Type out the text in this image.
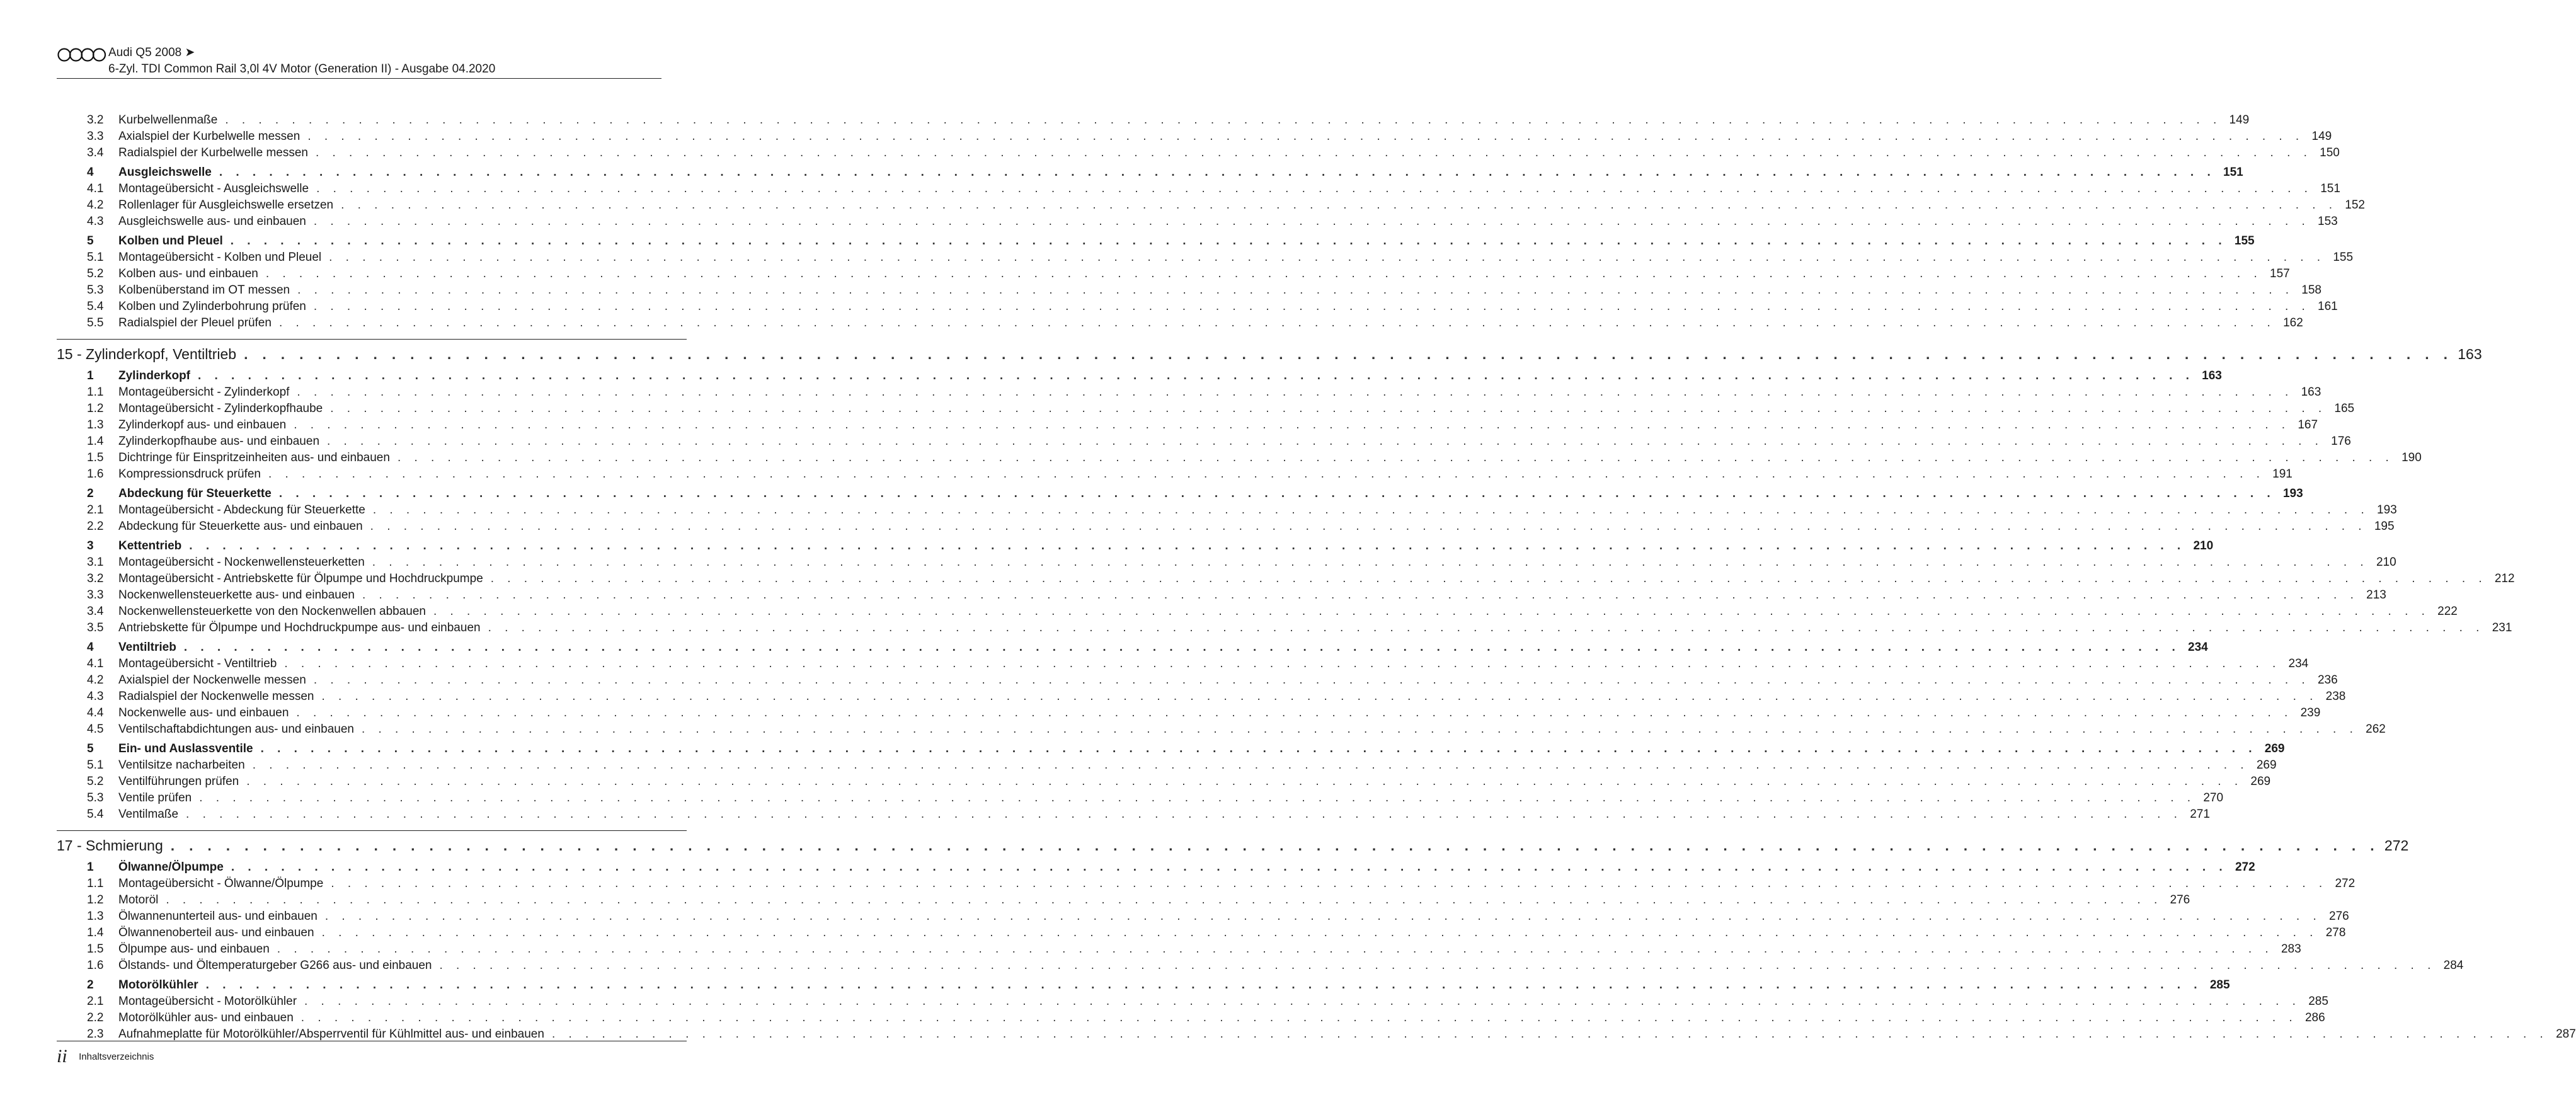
Audi Q5 2008 ➤
6-Zyl. TDI Common Rail 3,0l 4V Motor (Generation II) - Ausgabe 04.2020
3.2	Kurbelwellenmaße . . . . . . . . . . . . . . . . . . . . . . . . . . . . . . . . . . . . . . . . . . . . . . . . . . . . . . . . . . . . . . . . . . . . . . . . . . . . . . . . . . . . . . . . . . . . . . . . . . . . . . . . . . . . . . . . . . . . . . . . 149
3.3	Axialspiel der Kurbelwelle messen . . . . . . . . . . . . . . . . . . . . . . . . . . . . . . . . . . . . . . . . . . . . . . . . . . . . . . . . . . . . . . . . . . . . . . . . . . . . . . . . . . . . . . . . . . . . . . . . . . . . . . . . . . . . . . . . . . . . . . . . 149
3.4	Radialspiel der Kurbelwelle messen . . . . . . . . . . . . . . . . . . . . . . . . . . . . . . . . . . . . . . . . . . . . . . . . . . . . . . . . . . . . . . . . . . . . . . . . . . . . . . . . . . . . . . . . . . . . . . . . . . . . . . . . . . . . . . . . . . . . . . . . 150
4	Ausgleichswelle . . . . . . . . . . . . . . . . . . . . . . . . . . . . . . . . . . . . . . . . . . . . . . . . . . . . . . . . . . . . . . . . . . . . . . . . . . . . . . . . . . . . . . . . . . . . . . . . . . . . . . . . . . . . . . . . . . . . . . . . 151
4.1	Montageübersicht - Ausgleichswelle . . . . . . . . . . . . . . . . . . . . . . . . . . . . . . . . . . . . . . . . . . . . . . . . . . . . . . . . . . . . . . . . . . . . . . . . . . . . . . . . . . . . . . . . . . . . . . . . . . . . . . . . . . . . . . . . . . . . . . . . 151
4.2	Rollenlager für Ausgleichswelle ersetzen . . . . . . . . . . . . . . . . . . . . . . . . . . . . . . . . . . . . . . . . . . . . . . . . . . . . . . . . . . . . . . . . . . . . . . . . . . . . . . . . . . . . . . . . . . . . . . . . . . . . . . . . . . . . . . . . . . . . . . . . 152
4.3	Ausgleichswelle aus- und einbauen . . . . . . . . . . . . . . . . . . . . . . . . . . . . . . . . . . . . . . . . . . . . . . . . . . . . . . . . . . . . . . . . . . . . . . . . . . . . . . . . . . . . . . . . . . . . . . . . . . . . . . . . . . . . . . . . . . . . . . . . 153
5	Kolben und Pleuel . . . . . . . . . . . . . . . . . . . . . . . . . . . . . . . . . . . . . . . . . . . . . . . . . . . . . . . . . . . . . . . . . . . . . . . . . . . . . . . . . . . . . . . . . . . . . . . . . . . . . . . . . . . . . . . . . . . . . . . . 155
5.1	Montageübersicht - Kolben und Pleuel . . . . . . . . . . . . . . . . . . . . . . . . . . . . . . . . . . . . . . . . . . . . . . . . . . . . . . . . . . . . . . . . . . . . . . . . . . . . . . . . . . . . . . . . . . . . . . . . . . . . . . . . . . . . . . . . . . . . . . . . 155
5.2	Kolben aus- und einbauen . . . . . . . . . . . . . . . . . . . . . . . . . . . . . . . . . . . . . . . . . . . . . . . . . . . . . . . . . . . . . . . . . . . . . . . . . . . . . . . . . . . . . . . . . . . . . . . . . . . . . . . . . . . . . . . . . . . . . . . . 157
5.3	Kolbenüberstand im OT messen . . . . . . . . . . . . . . . . . . . . . . . . . . . . . . . . . . . . . . . . . . . . . . . . . . . . . . . . . . . . . . . . . . . . . . . . . . . . . . . . . . . . . . . . . . . . . . . . . . . . . . . . . . . . . . . . . . . . . . . . 158
5.4	Kolben und Zylinderbohrung prüfen . . . . . . . . . . . . . . . . . . . . . . . . . . . . . . . . . . . . . . . . . . . . . . . . . . . . . . . . . . . . . . . . . . . . . . . . . . . . . . . . . . . . . . . . . . . . . . . . . . . . . . . . . . . . . . . . . . . . . . . . 161
5.5	Radialspiel der Pleuel prüfen . . . . . . . . . . . . . . . . . . . . . . . . . . . . . . . . . . . . . . . . . . . . . . . . . . . . . . . . . . . . . . . . . . . . . . . . . . . . . . . . . . . . . . . . . . . . . . . . . . . . . . . . . . . . . . . . . . . . . . . . 162
15 - Zylinderkopf, Ventiltrieb . . . . . . . . . . . . . . . . . . . . . . . . . . . . . . . . . . . . . . . . . . . . . . . . . . . . . . . . . . . . . . . . . . . . . . . . . . . . . . . . . . . . . . . . . . . . . . . . . . . . . . . . . . . . . . . . . . . . . . . . 163
1	Zylinderkopf . . . . . . . . . . . . . . . . . . . . . . . . . . . . . . . . . . . . . . . . . . . . . . . . . . . . . . . . . . . . . . . . . . . . . . . . . . . . . . . . . . . . . . . . . . . . . . . . . . . . . . . . . . . . . . . . . . . . . . . . 163
1.1	Montageübersicht - Zylinderkopf . . . . . . . . . . . . . . . . . . . . . . . . . . . . . . . . . . . . . . . . . . . . . . . . . . . . . . . . . . . . . . . . . . . . . . . . . . . . . . . . . . . . . . . . . . . . . . . . . . . . . . . . . . . . . . . . . . . . . . . . 163
1.2	Montageübersicht - Zylinderkopfhaube . . . . . . . . . . . . . . . . . . . . . . . . . . . . . . . . . . . . . . . . . . . . . . . . . . . . . . . . . . . . . . . . . . . . . . . . . . . . . . . . . . . . . . . . . . . . . . . . . . . . . . . . . . . . . . . . . . . . . . . . 165
1.3	Zylinderkopf aus- und einbauen . . . . . . . . . . . . . . . . . . . . . . . . . . . . . . . . . . . . . . . . . . . . . . . . . . . . . . . . . . . . . . . . . . . . . . . . . . . . . . . . . . . . . . . . . . . . . . . . . . . . . . . . . . . . . . . . . . . . . . . . 167
1.4	Zylinderkopfhaube aus- und einbauen . . . . . . . . . . . . . . . . . . . . . . . . . . . . . . . . . . . . . . . . . . . . . . . . . . . . . . . . . . . . . . . . . . . . . . . . . . . . . . . . . . . . . . . . . . . . . . . . . . . . . . . . . . . . . . . . . . . . . . . . 176
1.5	Dichtringe für Einspritzeinheiten aus- und einbauen . . . . . . . . . . . . . . . . . . . . . . . . . . . . . . . . . . . . . . . . . . . . . . . . . . . . . . . . . . . . . . . . . . . . . . . . . . . . . . . . . . . . . . . . . . . . . . . . . . . . . . . . . . . . . . . . . . . . . . . . 190
1.6	Kompressionsdruck prüfen . . . . . . . . . . . . . . . . . . . . . . . . . . . . . . . . . . . . . . . . . . . . . . . . . . . . . . . . . . . . . . . . . . . . . . . . . . . . . . . . . . . . . . . . . . . . . . . . . . . . . . . . . . . . . . . . . . . . . . . . 191
2	Abdeckung für Steuerkette . . . . . . . . . . . . . . . . . . . . . . . . . . . . . . . . . . . . . . . . . . . . . . . . . . . . . . . . . . . . . . . . . . . . . . . . . . . . . . . . . . . . . . . . . . . . . . . . . . . . . . . . . . . . . . . . . . . . . . . . 193
2.1	Montageübersicht - Abdeckung für Steuerkette . . . . . . . . . . . . . . . . . . . . . . . . . . . . . . . . . . . . . . . . . . . . . . . . . . . . . . . . . . . . . . . . . . . . . . . . . . . . . . . . . . . . . . . . . . . . . . . . . . . . . . . . . . . . . . . . . . . . . . . . 193
2.2	Abdeckung für Steuerkette aus- und einbauen . . . . . . . . . . . . . . . . . . . . . . . . . . . . . . . . . . . . . . . . . . . . . . . . . . . . . . . . . . . . . . . . . . . . . . . . . . . . . . . . . . . . . . . . . . . . . . . . . . . . . . . . . . . . . . . . . . . . . . . . 195
3	Kettentrieb . . . . . . . . . . . . . . . . . . . . . . . . . . . . . . . . . . . . . . . . . . . . . . . . . . . . . . . . . . . . . . . . . . . . . . . . . . . . . . . . . . . . . . . . . . . . . . . . . . . . . . . . . . . . . . . . . . . . . . . . 210
3.1	Montageübersicht - Nockenwellensteuerketten . . . . . . . . . . . . . . . . . . . . . . . . . . . . . . . . . . . . . . . . . . . . . . . . . . . . . . . . . . . . . . . . . . . . . . . . . . . . . . . . . . . . . . . . . . . . . . . . . . . . . . . . . . . . . . . . . . . . . . . . 210
3.2	Montageübersicht - Antriebskette für Ölpumpe und Hochdruckpumpe . . . . . . . . . . . . . . . . . . . . . . . . . . . . . . . . . . . . . . . . . . . . . . . . . . . . . . . . . . . . . . . . . . . . . . . . . . . . . . . . . . . . . . . . . . . . . . . . . . . . . . . . . . . . . . . . . . . . . . . . 212
3.3	Nockenwellensteuerkette aus- und einbauen . . . . . . . . . . . . . . . . . . . . . . . . . . . . . . . . . . . . . . . . . . . . . . . . . . . . . . . . . . . . . . . . . . . . . . . . . . . . . . . . . . . . . . . . . . . . . . . . . . . . . . . . . . . . . . . . . . . . . . . . 213
3.4	Nockenwellensteuerkette von den Nockenwellen abbauen . . . . . . . . . . . . . . . . . . . . . . . . . . . . . . . . . . . . . . . . . . . . . . . . . . . . . . . . . . . . . . . . . . . . . . . . . . . . . . . . . . . . . . . . . . . . . . . . . . . . . . . . . . . . . . . . . . . . . . . . 222
3.5	Antriebskette für Ölpumpe und Hochdruckpumpe aus- und einbauen . . . . . . . . . . . . . . . . . . . . . . . . . . . . . . . . . . . . . . . . . . . . . . . . . . . . . . . . . . . . . . . . . . . . . . . . . . . . . . . . . . . . . . . . . . . . . . . . . . . . . . . . . . . . . . . . . . . . . . . . 231
4	Ventiltrieb . . . . . . . . . . . . . . . . . . . . . . . . . . . . . . . . . . . . . . . . . . . . . . . . . . . . . . . . . . . . . . . . . . . . . . . . . . . . . . . . . . . . . . . . . . . . . . . . . . . . . . . . . . . . . . . . . . . . . . . . 234
4.1	Montageübersicht - Ventiltrieb . . . . . . . . . . . . . . . . . . . . . . . . . . . . . . . . . . . . . . . . . . . . . . . . . . . . . . . . . . . . . . . . . . . . . . . . . . . . . . . . . . . . . . . . . . . . . . . . . . . . . . . . . . . . . . . . . . . . . . . . 234
4.2	Axialspiel der Nockenwelle messen . . . . . . . . . . . . . . . . . . . . . . . . . . . . . . . . . . . . . . . . . . . . . . . . . . . . . . . . . . . . . . . . . . . . . . . . . . . . . . . . . . . . . . . . . . . . . . . . . . . . . . . . . . . . . . . . . . . . . . . . 236
4.3	Radialspiel der Nockenwelle messen . . . . . . . . . . . . . . . . . . . . . . . . . . . . . . . . . . . . . . . . . . . . . . . . . . . . . . . . . . . . . . . . . . . . . . . . . . . . . . . . . . . . . . . . . . . . . . . . . . . . . . . . . . . . . . . . . . . . . . . . 238
4.4	Nockenwelle aus- und einbauen . . . . . . . . . . . . . . . . . . . . . . . . . . . . . . . . . . . . . . . . . . . . . . . . . . . . . . . . . . . . . . . . . . . . . . . . . . . . . . . . . . . . . . . . . . . . . . . . . . . . . . . . . . . . . . . . . . . . . . . . 239
4.5	Ventilschaftabdichtungen aus- und einbauen . . . . . . . . . . . . . . . . . . . . . . . . . . . . . . . . . . . . . . . . . . . . . . . . . . . . . . . . . . . . . . . . . . . . . . . . . . . . . . . . . . . . . . . . . . . . . . . . . . . . . . . . . . . . . . . . . . . . . . . . 262
5	Ein- und Auslassventile . . . . . . . . . . . . . . . . . . . . . . . . . . . . . . . . . . . . . . . . . . . . . . . . . . . . . . . . . . . . . . . . . . . . . . . . . . . . . . . . . . . . . . . . . . . . . . . . . . . . . . . . . . . . . . . . . . . . . . . . 269
5.1	Ventilsitze nacharbeiten . . . . . . . . . . . . . . . . . . . . . . . . . . . . . . . . . . . . . . . . . . . . . . . . . . . . . . . . . . . . . . . . . . . . . . . . . . . . . . . . . . . . . . . . . . . . . . . . . . . . . . . . . . . . . . . . . . . . . . . . 269
5.2	Ventilführungen prüfen . . . . . . . . . . . . . . . . . . . . . . . . . . . . . . . . . . . . . . . . . . . . . . . . . . . . . . . . . . . . . . . . . . . . . . . . . . . . . . . . . . . . . . . . . . . . . . . . . . . . . . . . . . . . . . . . . . . . . . . . 269
5.3	Ventile prüfen . . . . . . . . . . . . . . . . . . . . . . . . . . . . . . . . . . . . . . . . . . . . . . . . . . . . . . . . . . . . . . . . . . . . . . . . . . . . . . . . . . . . . . . . . . . . . . . . . . . . . . . . . . . . . . . . . . . . . . . . 270
5.4	Ventilmaße . . . . . . . . . . . . . . . . . . . . . . . . . . . . . . . . . . . . . . . . . . . . . . . . . . . . . . . . . . . . . . . . . . . . . . . . . . . . . . . . . . . . . . . . . . . . . . . . . . . . . . . . . . . . . . . . . . . . . . . . 271
17 - Schmierung . . . . . . . . . . . . . . . . . . . . . . . . . . . . . . . . . . . . . . . . . . . . . . . . . . . . . . . . . . . . . . . . . . . . . . . . . . . . . . . . . . . . . . . . . . . . . . . . . . . . . . . . . . . . . . . . . . . . . . . . 272
1	Ölwanne/Ölpumpe . . . . . . . . . . . . . . . . . . . . . . . . . . . . . . . . . . . . . . . . . . . . . . . . . . . . . . . . . . . . . . . . . . . . . . . . . . . . . . . . . . . . . . . . . . . . . . . . . . . . . . . . . . . . . . . . . . . . . . . . 272
1.1	Montageübersicht - Ölwanne/Ölpumpe . . . . . . . . . . . . . . . . . . . . . . . . . . . . . . . . . . . . . . . . . . . . . . . . . . . . . . . . . . . . . . . . . . . . . . . . . . . . . . . . . . . . . . . . . . . . . . . . . . . . . . . . . . . . . . . . . . . . . . . . 272
1.2	Motoröl . . . . . . . . . . . . . . . . . . . . . . . . . . . . . . . . . . . . . . . . . . . . . . . . . . . . . . . . . . . . . . . . . . . . . . . . . . . . . . . . . . . . . . . . . . . . . . . . . . . . . . . . . . . . . . . . . . . . . . . . 276
1.3	Ölwannenunterteil aus- und einbauen . . . . . . . . . . . . . . . . . . . . . . . . . . . . . . . . . . . . . . . . . . . . . . . . . . . . . . . . . . . . . . . . . . . . . . . . . . . . . . . . . . . . . . . . . . . . . . . . . . . . . . . . . . . . . . . . . . . . . . . . 276
1.4	Ölwannenoberteil aus- und einbauen . . . . . . . . . . . . . . . . . . . . . . . . . . . . . . . . . . . . . . . . . . . . . . . . . . . . . . . . . . . . . . . . . . . . . . . . . . . . . . . . . . . . . . . . . . . . . . . . . . . . . . . . . . . . . . . . . . . . . . . . 278
1.5	Ölpumpe aus- und einbauen . . . . . . . . . . . . . . . . . . . . . . . . . . . . . . . . . . . . . . . . . . . . . . . . . . . . . . . . . . . . . . . . . . . . . . . . . . . . . . . . . . . . . . . . . . . . . . . . . . . . . . . . . . . . . . . . . . . . . . . . 283
1.6	Ölstands- und Öltemperaturgeber G266 aus- und einbauen . . . . . . . . . . . . . . . . . . . . . . . . . . . . . . . . . . . . . . . . . . . . . . . . . . . . . . . . . . . . . . . . . . . . . . . . . . . . . . . . . . . . . . . . . . . . . . . . . . . . . . . . . . . . . . . . . . . . . . . . 284
2	Motorölkühler . . . . . . . . . . . . . . . . . . . . . . . . . . . . . . . . . . . . . . . . . . . . . . . . . . . . . . . . . . . . . . . . . . . . . . . . . . . . . . . . . . . . . . . . . . . . . . . . . . . . . . . . . . . . . . . . . . . . . . . . 285
2.1	Montageübersicht - Motorölkühler . . . . . . . . . . . . . . . . . . . . . . . . . . . . . . . . . . . . . . . . . . . . . . . . . . . . . . . . . . . . . . . . . . . . . . . . . . . . . . . . . . . . . . . . . . . . . . . . . . . . . . . . . . . . . . . . . . . . . . . . 285
2.2	Motorölkühler aus- und einbauen . . . . . . . . . . . . . . . . . . . . . . . . . . . . . . . . . . . . . . . . . . . . . . . . . . . . . . . . . . . . . . . . . . . . . . . . . . . . . . . . . . . . . . . . . . . . . . . . . . . . . . . . . . . . . . . . . . . . . . . . 286
2.3	Aufnahmeplatte für Motorölkühler/Absperrventil für Kühlmittel aus- und einbauen . . . . . . . . . . . . . . . . . . . . . . . . . . . . . . . . . . . . . . . . . . . . . . . . . . . . . . . . . . . . . . . . . . . . . . . . . . . . . . . . . . . . . . . . . . . . . . . . . . . . . . . . . . . . . . . . . . . . . . . . 287
ii Inhaltsverzeichnis
